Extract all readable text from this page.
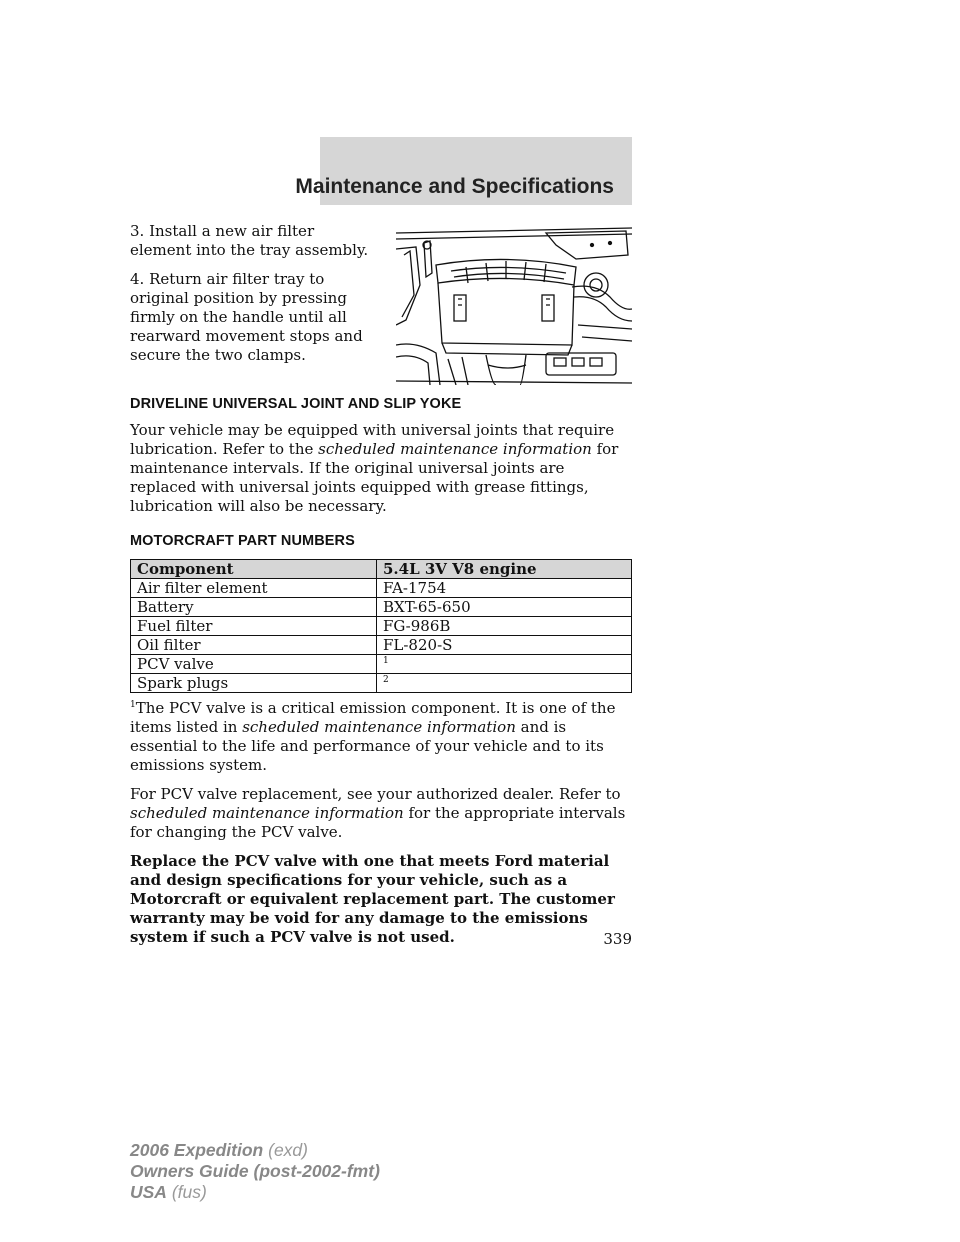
Maintenance and Specifications

3. Install a new air filter element into the tray assembly.

4. Return air filter tray to original position by pressing firmly on the handle until all rearward movement stops and secure the two clamps.

DRIVELINE UNIVERSAL JOINT AND SLIP YOKE

Your vehicle may be equipped with universal joints that require lubrication. Refer to the scheduled maintenance information for maintenance intervals. If the original universal joints are replaced with universal joints equipped with grease fittings, lubrication will also be necessary.

MOTORCRAFT PART NUMBERS
Component	5.4L 3V V8 engine
Air filter element	FA-1754
Battery	BXT-65-650
Fuel filter	FG-986B
Oil filter	FL-820-S
PCV valve	$^1$
Spark plugs	$^2$

$^1$The PCV valve is a critical emission component. It is one of the items listed in scheduled maintenance information and is essential to the life and performance of your vehicle and to its emissions system.

For PCV valve replacement, see your authorized dealer. Refer to scheduled maintenance information for the appropriate intervals for changing the PCV valve.

Replace the PCV valve with one that meets Ford material and design specifications for your vehicle, such as a Motorcraft or equivalent replacement part. The customer warranty may be void for any damage to the emissions system if such a PCV valve is not used.	339

2006 Expedition (exd)
Owners Guide (post-2002-fmt)
USA (fus)
